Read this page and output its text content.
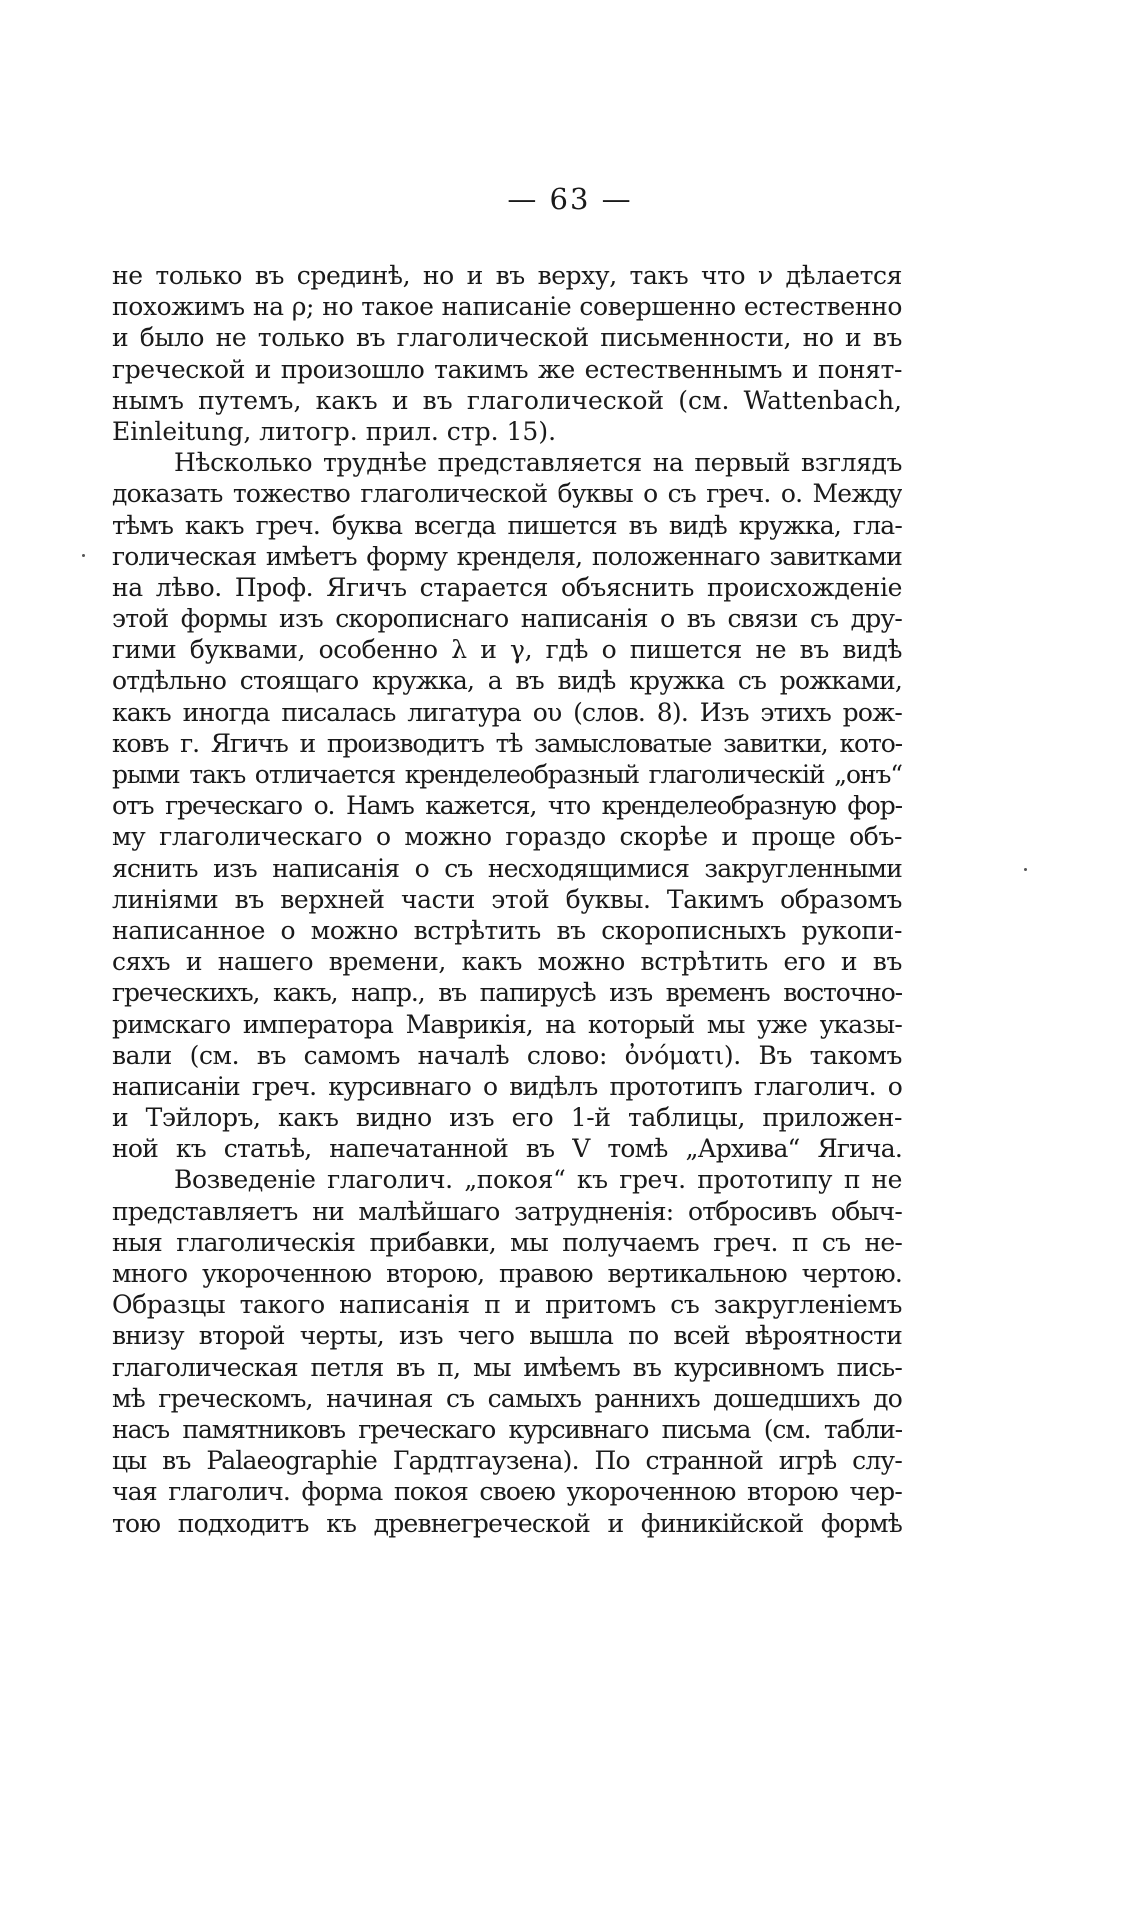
— 63 —
не только въ срединѣ, но и въ верху, такъ что ν дѣлается
похожимъ на ρ; но такое написаніе совершенно естественно
и было не только въ глаголической письменности, но и въ
греческой и произошло такимъ же естественнымъ и понят-
нымъ путемъ, какъ и въ глаголической (см. Wattenbach,
Einleitung, литогр. прил. стр. 15).
Нѣсколько труднѣе представляется на первый взглядъ
доказать тожество глаголической буквы о съ греч. о. Между
тѣмъ какъ греч. буква всегда пишется въ видѣ кружка, гла-
голическая имѣетъ форму кренделя, положеннаго завитками
на лѣво. Проф. Ягичъ старается объяснить происхожденіе
этой формы изъ скорописнаго написанія о въ связи съ дру-
гими буквами, особенно λ и γ, гдѣ о пишется не въ видѣ
отдѣльно стоящаго кружка, а въ видѣ кружка съ рожками,
какъ иногда писалась лигатура ου (слов. 8). Изъ этихъ рож-
ковъ г. Ягичъ и производитъ тѣ замысловатые завитки, кото-
рыми такъ отличается кренделеобразный глаголическій „онъ“
отъ греческаго о. Намъ кажется, что кренделеобразную фор-
му глаголическаго о можно гораздо скорѣе и проще объ-
яснить изъ написанія о съ несходящимися закругленными
линіями въ верхней части этой буквы. Такимъ образомъ
написанное о можно встрѣтить въ скорописныхъ рукопи-
сяхъ и нашего времени, какъ можно встрѣтить его и въ
греческихъ, какъ, напр., въ папирусѣ изъ временъ восточно-
римскаго императора Маврикія, на который мы уже указы-
вали (см. въ самомъ началѣ слово: ὀνόματι). Въ такомъ
написаніи греч. курсивнаго о видѣлъ прототипъ глаголич. о
и Тэйлоръ, какъ видно изъ его 1-й таблицы, приложен-
ной къ статьѣ, напечатанной въ V томѣ „Архива“ Ягича.
Возведеніе глаголич. „покоя“ къ греч. прототипу π не
представляетъ ни малѣйшаго затрудненія: отбросивъ обыч-
ныя глаголическія прибавки, мы получаемъ греч. π съ не-
много укороченною второю, правою вертикальною чертою.
Образцы такого написанія π и притомъ съ закругленіемъ
внизу второй черты, изъ чего вышла по всей вѣроятности
глаголическая петля въ п, мы имѣемъ въ курсивномъ пись-
мѣ греческомъ, начиная съ самыхъ раннихъ дошедшихъ до
насъ памятниковъ греческаго курсивнаго письма (см. табли-
цы въ Palaeographie Гардтгаузена). По странной игрѣ слу-
чая глаголич. форма покоя своею укороченною второю чер-
тою подходитъ къ древнегреческой и финикійской формѣ
